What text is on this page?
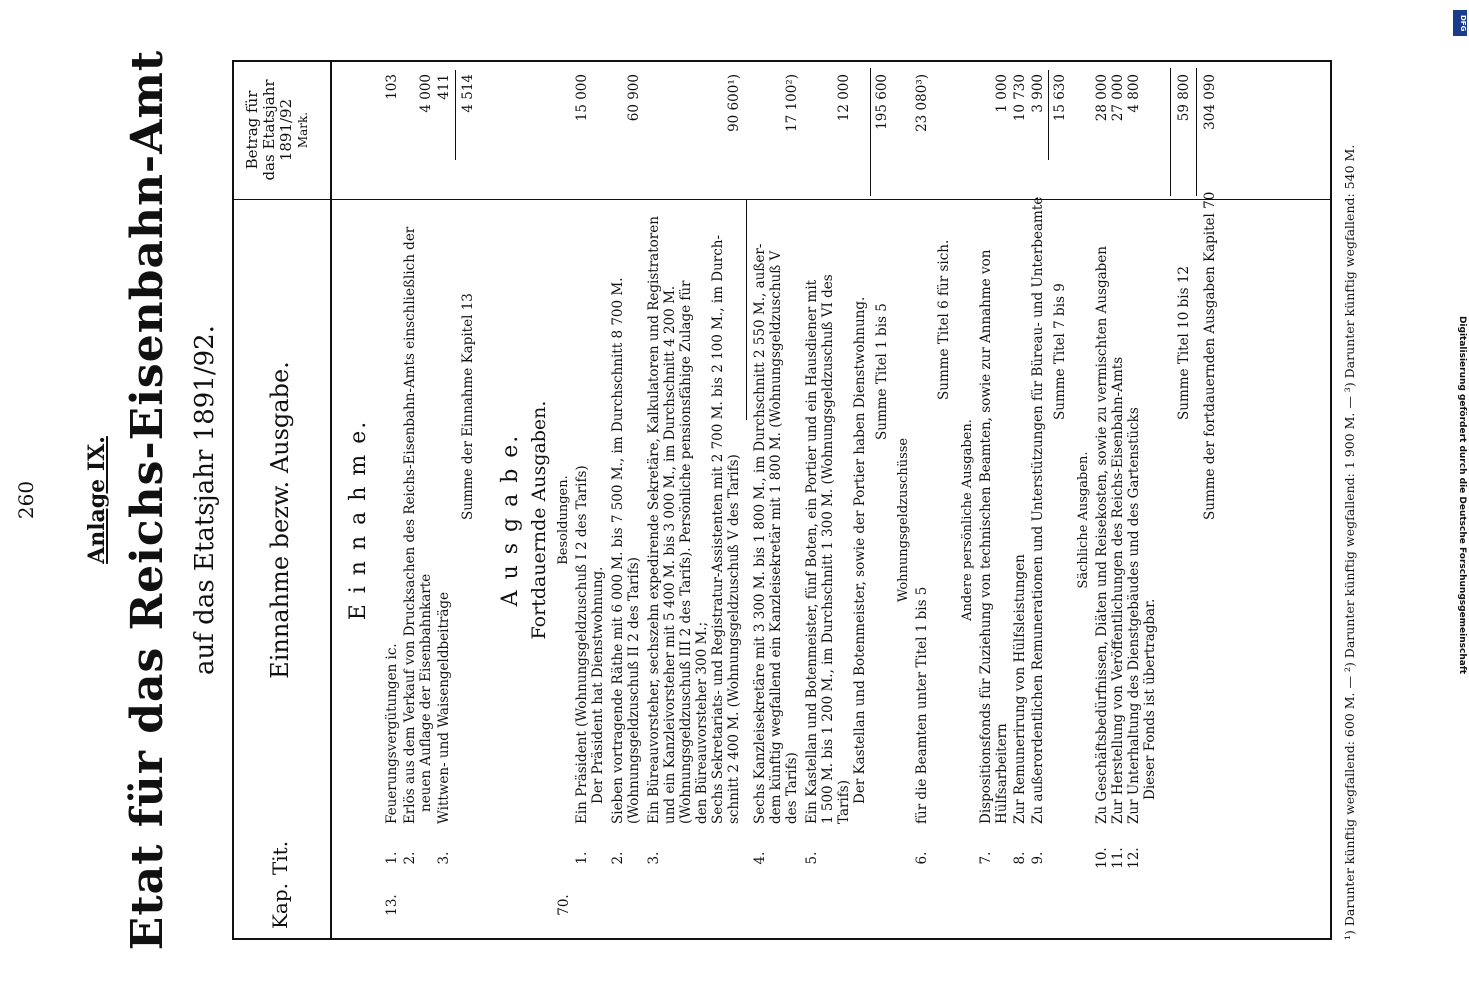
260 Anlage IX. Etat für das Reichs-Eisenbahn-Amt auf das Etatsjahr 1891/92.
Kap.
Tit.
Einnahme bezw. Ausgabe.
Betrag für das Etatsjahr 1891/92 Mark.
E i n n a h m e.
13.
1.
Feuerungsvergütungen ic.
103
2.
Erlös aus dem Verkauf von Drucksachen des Reichs-Eisenbahn-Amts einschließlich der neuen Auflage der Eisenbahnkarte
4 000
3.
Wittwen- und Waisengeldbeiträge
411
Summe der Einnahme Kapitel 13
4 514
A u s g a b e. Fortdauernde Ausgaben.
70.
Besoldungen.
1.
Ein Präsident (Wohnungsgeldzuschuß I 2 des Tarifs) Der Präsident hat Dienstwohnung.
15 000
2.
Sieben vortragende Räthe mit 6 000 M. bis 7 500 M., im Durchschnitt 8 700 M. (Wohnungsgeldzuschuß II 2 des Tarifs)
60 900
3.
Ein Büreauvorsteher, sechszehn expedirende Sekretäre, Kalkulatoren und Registratoren und ein Kanzleivorsteher mit 5 400 M. bis 3 000 M., im Durchschnitt 4 200 M. (Wohnungsgeldzuschuß III 2 des Tarifs). Persönliche pensionsfähige Zulage für den Büreauvorsteher 300 M.; Sechs Sekretariats- und Registratur-Assistenten mit 2 700 M. bis 2 100 M., im Durch- schnitt 2 400 M. (Wohnungsgeldzuschuß V des Tarifs)
90 600¹)
4.
Sechs Kanzleisekretäre mit 3 300 M. bis 1 800 M., im Durchschnitt 2 550 M., außer- dem künftig wegfallend ein Kanzleisekretär mit 1 800 M. (Wohnungsgeldzuschuß V des Tarifs)
17 100²)
5.
Ein Kastellan und Botenmeister, fünf Boten, ein Portier und ein Hausdiener mit 1 500 M. bis 1 200 M., im Durchschnitt 1 300 M. (Wohnungsgeldzuschuß VI des Tarifs)
12 000
Der Kastellan und Botenmeister, sowie der Portier haben Dienstwohnung. Summe Titel 1 bis 5
195 600
Wohnungsgeldzuschüsse
6.
für die Beamten unter Titel 1 bis 5
23 080³)
Summe Titel 6 für sich.
Andere persönliche Ausgaben.
7.
Dispositionsfonds für Zuziehung von technischen Beamten, sowie zur Annahme von Hülfsarbeitern
1 000
8.
Zur Remunerirung von Hülfsleistungen
10 730
9.
Zu außerordentlichen Remunerationen und Unterstützungen für Büreau- und Unterbeamte
3 900
Summe Titel 7 bis 9
15 630
Sächliche Ausgaben.
10.
Zu Geschäftsbedürfnissen, Diäten und Reisekosten, sowie zu vermischten Ausgaben
28 000
11.
Zur Herstellung von Veröffentlichungen des Reichs-Eisenbahn-Amts
27 000
12.
Zur Unterhaltung des Dienstgebäudes und des Gartenstücks
4 800
Dieser Fonds ist übertragbar.
Summe Titel 10 bis 12
59 800
Summe der fortdauernden Ausgaben Kapitel 70
304 090
¹) Darunter künftig wegfallend: 600 M. — ²) Darunter künftig wegfallend: 1 900 M. — ³) Darunter künftig wegfallend: 540 M.
DFG
Digitalisierung gefördert durch die Deutsche Forschungsgemeinschaft
